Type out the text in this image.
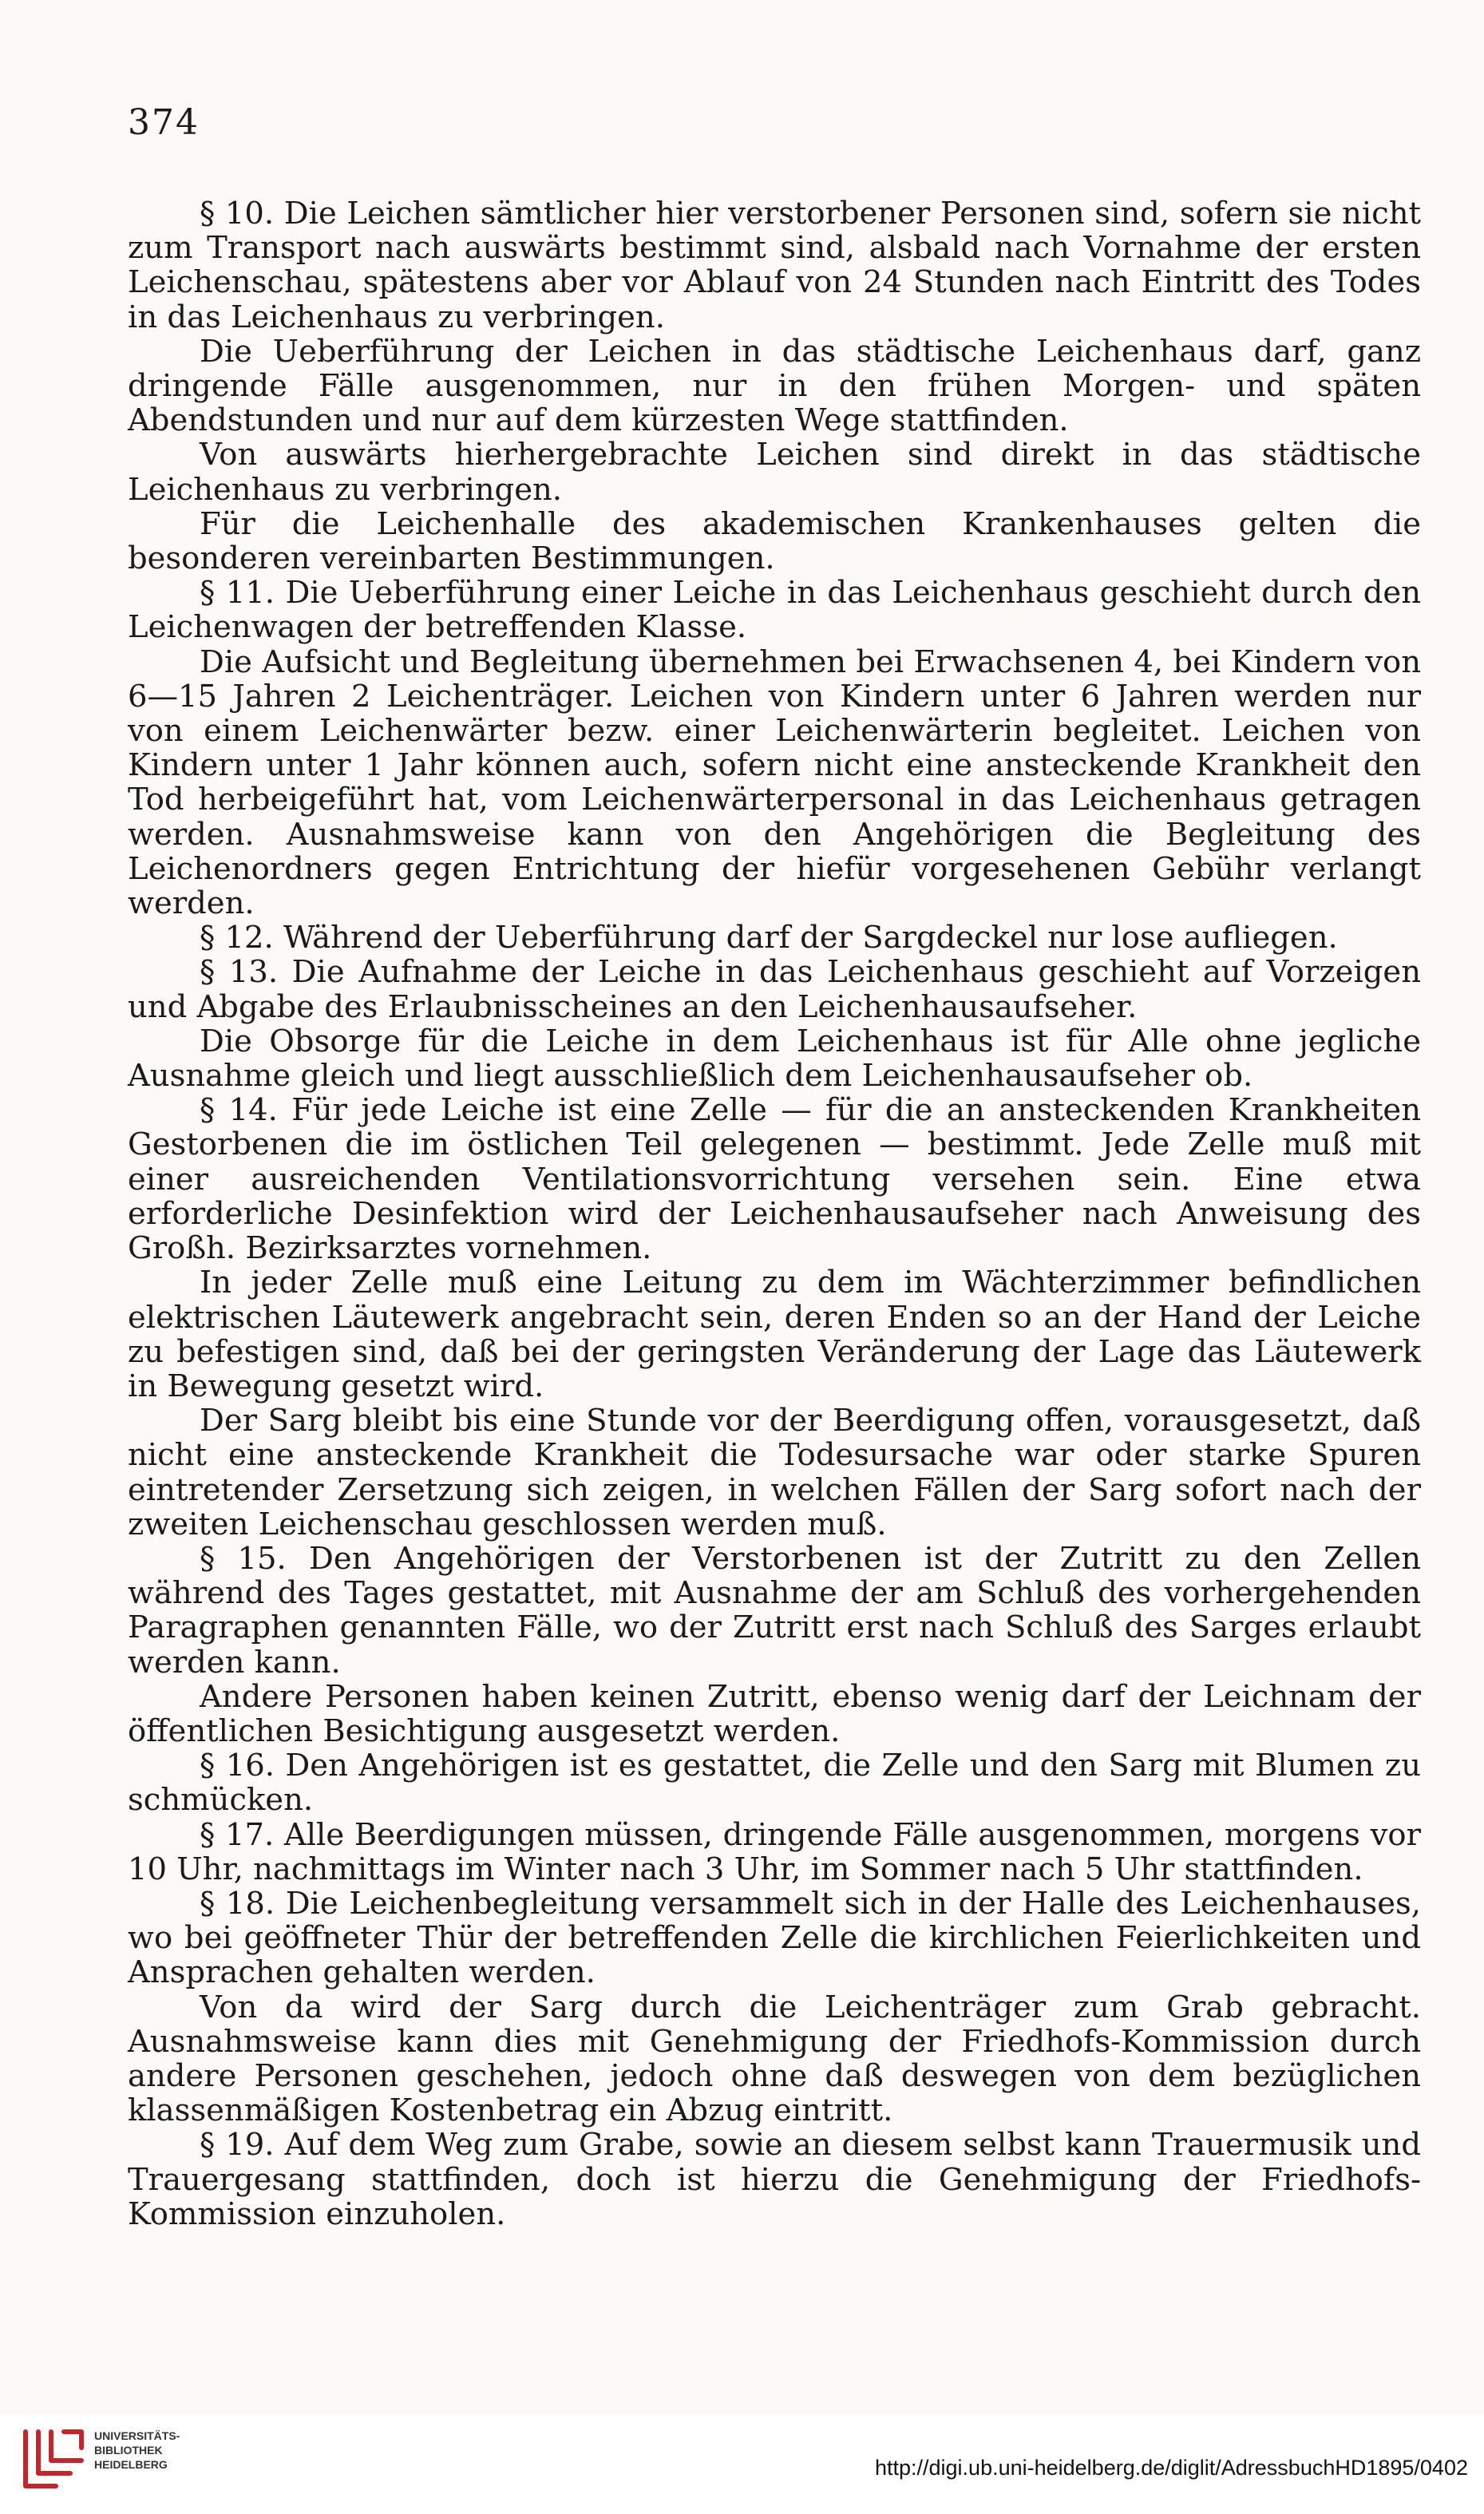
374

§ 10. Die Leichen sämtlicher hier verstorbener Personen sind, sofern sie nicht zum Transport nach auswärts bestimmt sind, alsbald nach Vornahme der ersten Leichenschau, spätestens aber vor Ablauf von 24 Stunden nach Eintritt des Todes in das Leichenhaus zu verbringen.

Die Ueberführung der Leichen in das städtische Leichenhaus darf, ganz dringende Fälle ausgenommen, nur in den frühen Morgen- und späten Abendstunden und nur auf dem kürzesten Wege stattfinden.

Von auswärts hierhergebrachte Leichen sind direkt in das städtische Leichenhaus zu verbringen.

Für die Leichenhalle des akademischen Krankenhauses gelten die besonderen vereinbarten Bestimmungen.

§ 11. Die Ueberführung einer Leiche in das Leichenhaus geschieht durch den Leichenwagen der betreffenden Klasse.

Die Aufsicht und Begleitung übernehmen bei Erwachsenen 4, bei Kindern von 6—15 Jahren 2 Leichenträger. Leichen von Kindern unter 6 Jahren werden nur von einem Leichenwärter bezw. einer Leichenwärterin begleitet. Leichen von Kindern unter 1 Jahr können auch, sofern nicht eine ansteckende Krankheit den Tod herbeigeführt hat, vom Leichenwärterpersonal in das Leichenhaus getragen werden. Ausnahmsweise kann von den Angehörigen die Begleitung des Leichenordners gegen Entrichtung der hiefür vorgesehenen Gebühr verlangt werden.

§ 12. Während der Ueberführung darf der Sargdeckel nur lose aufliegen.

§ 13. Die Aufnahme der Leiche in das Leichenhaus geschieht auf Vorzeigen und Abgabe des Erlaubnisscheines an den Leichenhausaufseher.

Die Obsorge für die Leiche in dem Leichenhaus ist für Alle ohne jegliche Ausnahme gleich und liegt ausschließlich dem Leichenhausaufseher ob.

§ 14. Für jede Leiche ist eine Zelle — für die an ansteckenden Krankheiten Gestorbenen die im östlichen Teil gelegenen — bestimmt. Jede Zelle muß mit einer ausreichenden Ventilationsvorrichtung versehen sein. Eine etwa erforderliche Desinfektion wird der Leichenhausaufseher nach Anweisung des Großh. Bezirksarztes vornehmen.

In jeder Zelle muß eine Leitung zu dem im Wächterzimmer befindlichen elektrischen Läutewerk angebracht sein, deren Enden so an der Hand der Leiche zu befestigen sind, daß bei der geringsten Veränderung der Lage das Läutewerk in Bewegung gesetzt wird.

Der Sarg bleibt bis eine Stunde vor der Beerdigung offen, vorausgesetzt, daß nicht eine ansteckende Krankheit die Todesursache war oder starke Spuren eintretender Zersetzung sich zeigen, in welchen Fällen der Sarg sofort nach der zweiten Leichenschau geschlossen werden muß.

§ 15. Den Angehörigen der Verstorbenen ist der Zutritt zu den Zellen während des Tages gestattet, mit Ausnahme der am Schluß des vorhergehenden Paragraphen genannten Fälle, wo der Zutritt erst nach Schluß des Sarges erlaubt werden kann.

Andere Personen haben keinen Zutritt, ebenso wenig darf der Leichnam der öffentlichen Besichtigung ausgesetzt werden.

§ 16. Den Angehörigen ist es gestattet, die Zelle und den Sarg mit Blumen zu schmücken.

§ 17. Alle Beerdigungen müssen, dringende Fälle ausgenommen, morgens vor 10 Uhr, nachmittags im Winter nach 3 Uhr, im Sommer nach 5 Uhr stattfinden.

§ 18. Die Leichenbegleitung versammelt sich in der Halle des Leichenhauses, wo bei geöffneter Thür der betreffenden Zelle die kirchlichen Feierlichkeiten und Ansprachen gehalten werden.

Von da wird der Sarg durch die Leichenträger zum Grab gebracht. Ausnahmsweise kann dies mit Genehmigung der Friedhofs-Kommission durch andere Personen geschehen, jedoch ohne daß deswegen von dem bezüglichen klassenmäßigen Kostenbetrag ein Abzug eintritt.

§ 19. Auf dem Weg zum Grabe, sowie an diesem selbst kann Trauermusik und Trauergesang stattfinden, doch ist hierzu die Genehmigung der Friedhofs-Kommission einzuholen.

UNIVERSITÄTS-
BIBLIOTHEK
HEIDELBERG	http://digi.ub.uni-heidelberg.de/diglit/AdressbuchHD1895/0402
